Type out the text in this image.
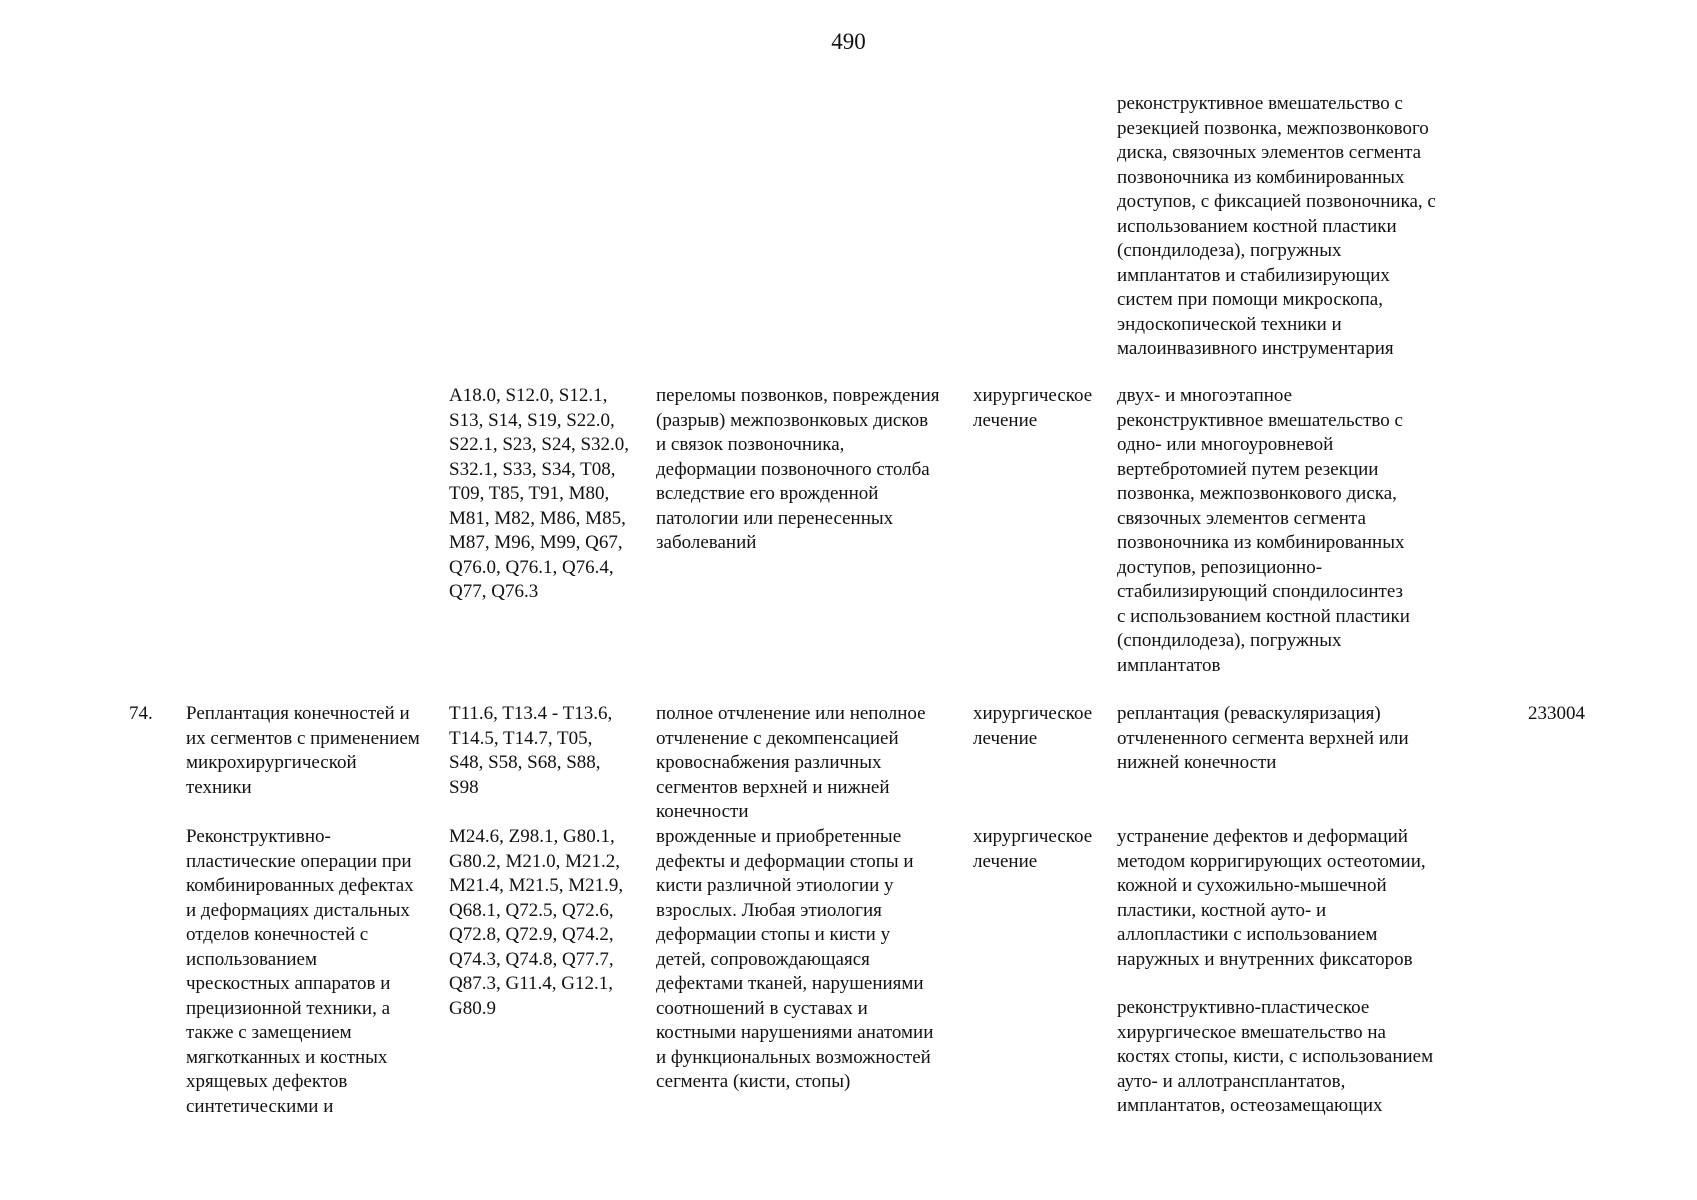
490
реконструктивное вмешательство с
резекцией позвонка, межпозвонкового
диска, связочных элементов сегмента
позвоночника из комбинированных
доступов, с фиксацией позвоночника, с
использованием костной пластики
(спондилодеза), погружных
имплантатов и стабилизирующих
систем при помощи микроскопа,
эндоскопической техники и
малоинвазивного инструментария
A18.0, S12.0, S12.1,
S13, S14, S19, S22.0,
S22.1, S23, S24, S32.0,
S32.1, S33, S34, T08,
T09, T85, T91, M80,
M81, M82, M86, M85,
M87, M96, M99, Q67,
Q76.0, Q76.1, Q76.4,
Q77, Q76.3
переломы позвонков, повреждения
(разрыв) межпозвонковых дисков
и связок позвоночника,
деформации позвоночного столба
вследствие его врожденной
патологии или перенесенных
заболеваний
хирургическое
лечение
двух- и многоэтапное
реконструктивное вмешательство с
одно- или многоуровневой
вертебротомией путем резекции
позвонка, межпозвонкового диска,
связочных элементов сегмента
позвоночника из комбинированных
доступов, репозиционно-
стабилизирующий спондилосинтез
с использованием костной пластики
(спондилодеза), погружных
имплантатов
74.	Реплантация конечностей и
их сегментов с применением
микрохирургической
техники
T11.6, T13.4 - T13.6,
T14.5, T14.7, T05,
S48, S58, S68, S88,
S98
полное отчленение или неполное
отчленение с декомпенсацией
кровоснабжения различных
сегментов верхней и нижней
конечности
хирургическое
лечение
реплантация (реваскуляризация)
отчлененного сегмента верхней или
нижней конечности
233004
Реконструктивно-
пластические операции при
комбинированных дефектах
и деформациях дистальных
отделов конечностей с
использованием
чрескостных аппаратов и
прецизионной техники, а
также с замещением
мягкотканных и костных
хрящевых дефектов
синтетическими и
M24.6, Z98.1, G80.1,
G80.2, M21.0, M21.2,
M21.4, M21.5, M21.9,
Q68.1, Q72.5, Q72.6,
Q72.8, Q72.9, Q74.2,
Q74.3, Q74.8, Q77.7,
Q87.3, G11.4, G12.1,
G80.9
врожденные и приобретенные
дефекты и деформации стопы и
кисти различной этиологии у
взрослых. Любая этиология
деформации стопы и кисти у
детей, сопровождающаяся
дефектами тканей, нарушениями
соотношений в суставах и
костными нарушениями анатомии
и функциональных возможностей
сегмента (кисти, стопы)
хирургическое
лечение
устранение дефектов и деформаций
методом корригирующих остеотомии,
кожной и сухожильно-мышечной
пластики, костной ауто- и
аллопластики с использованием
наружных и внутренних фиксаторов
реконструктивно-пластическое
хирургическое вмешательство на
костях стопы, кисти, с использованием
ауто- и аллотрансплантатов,
имплантатов, остеозамещающих
